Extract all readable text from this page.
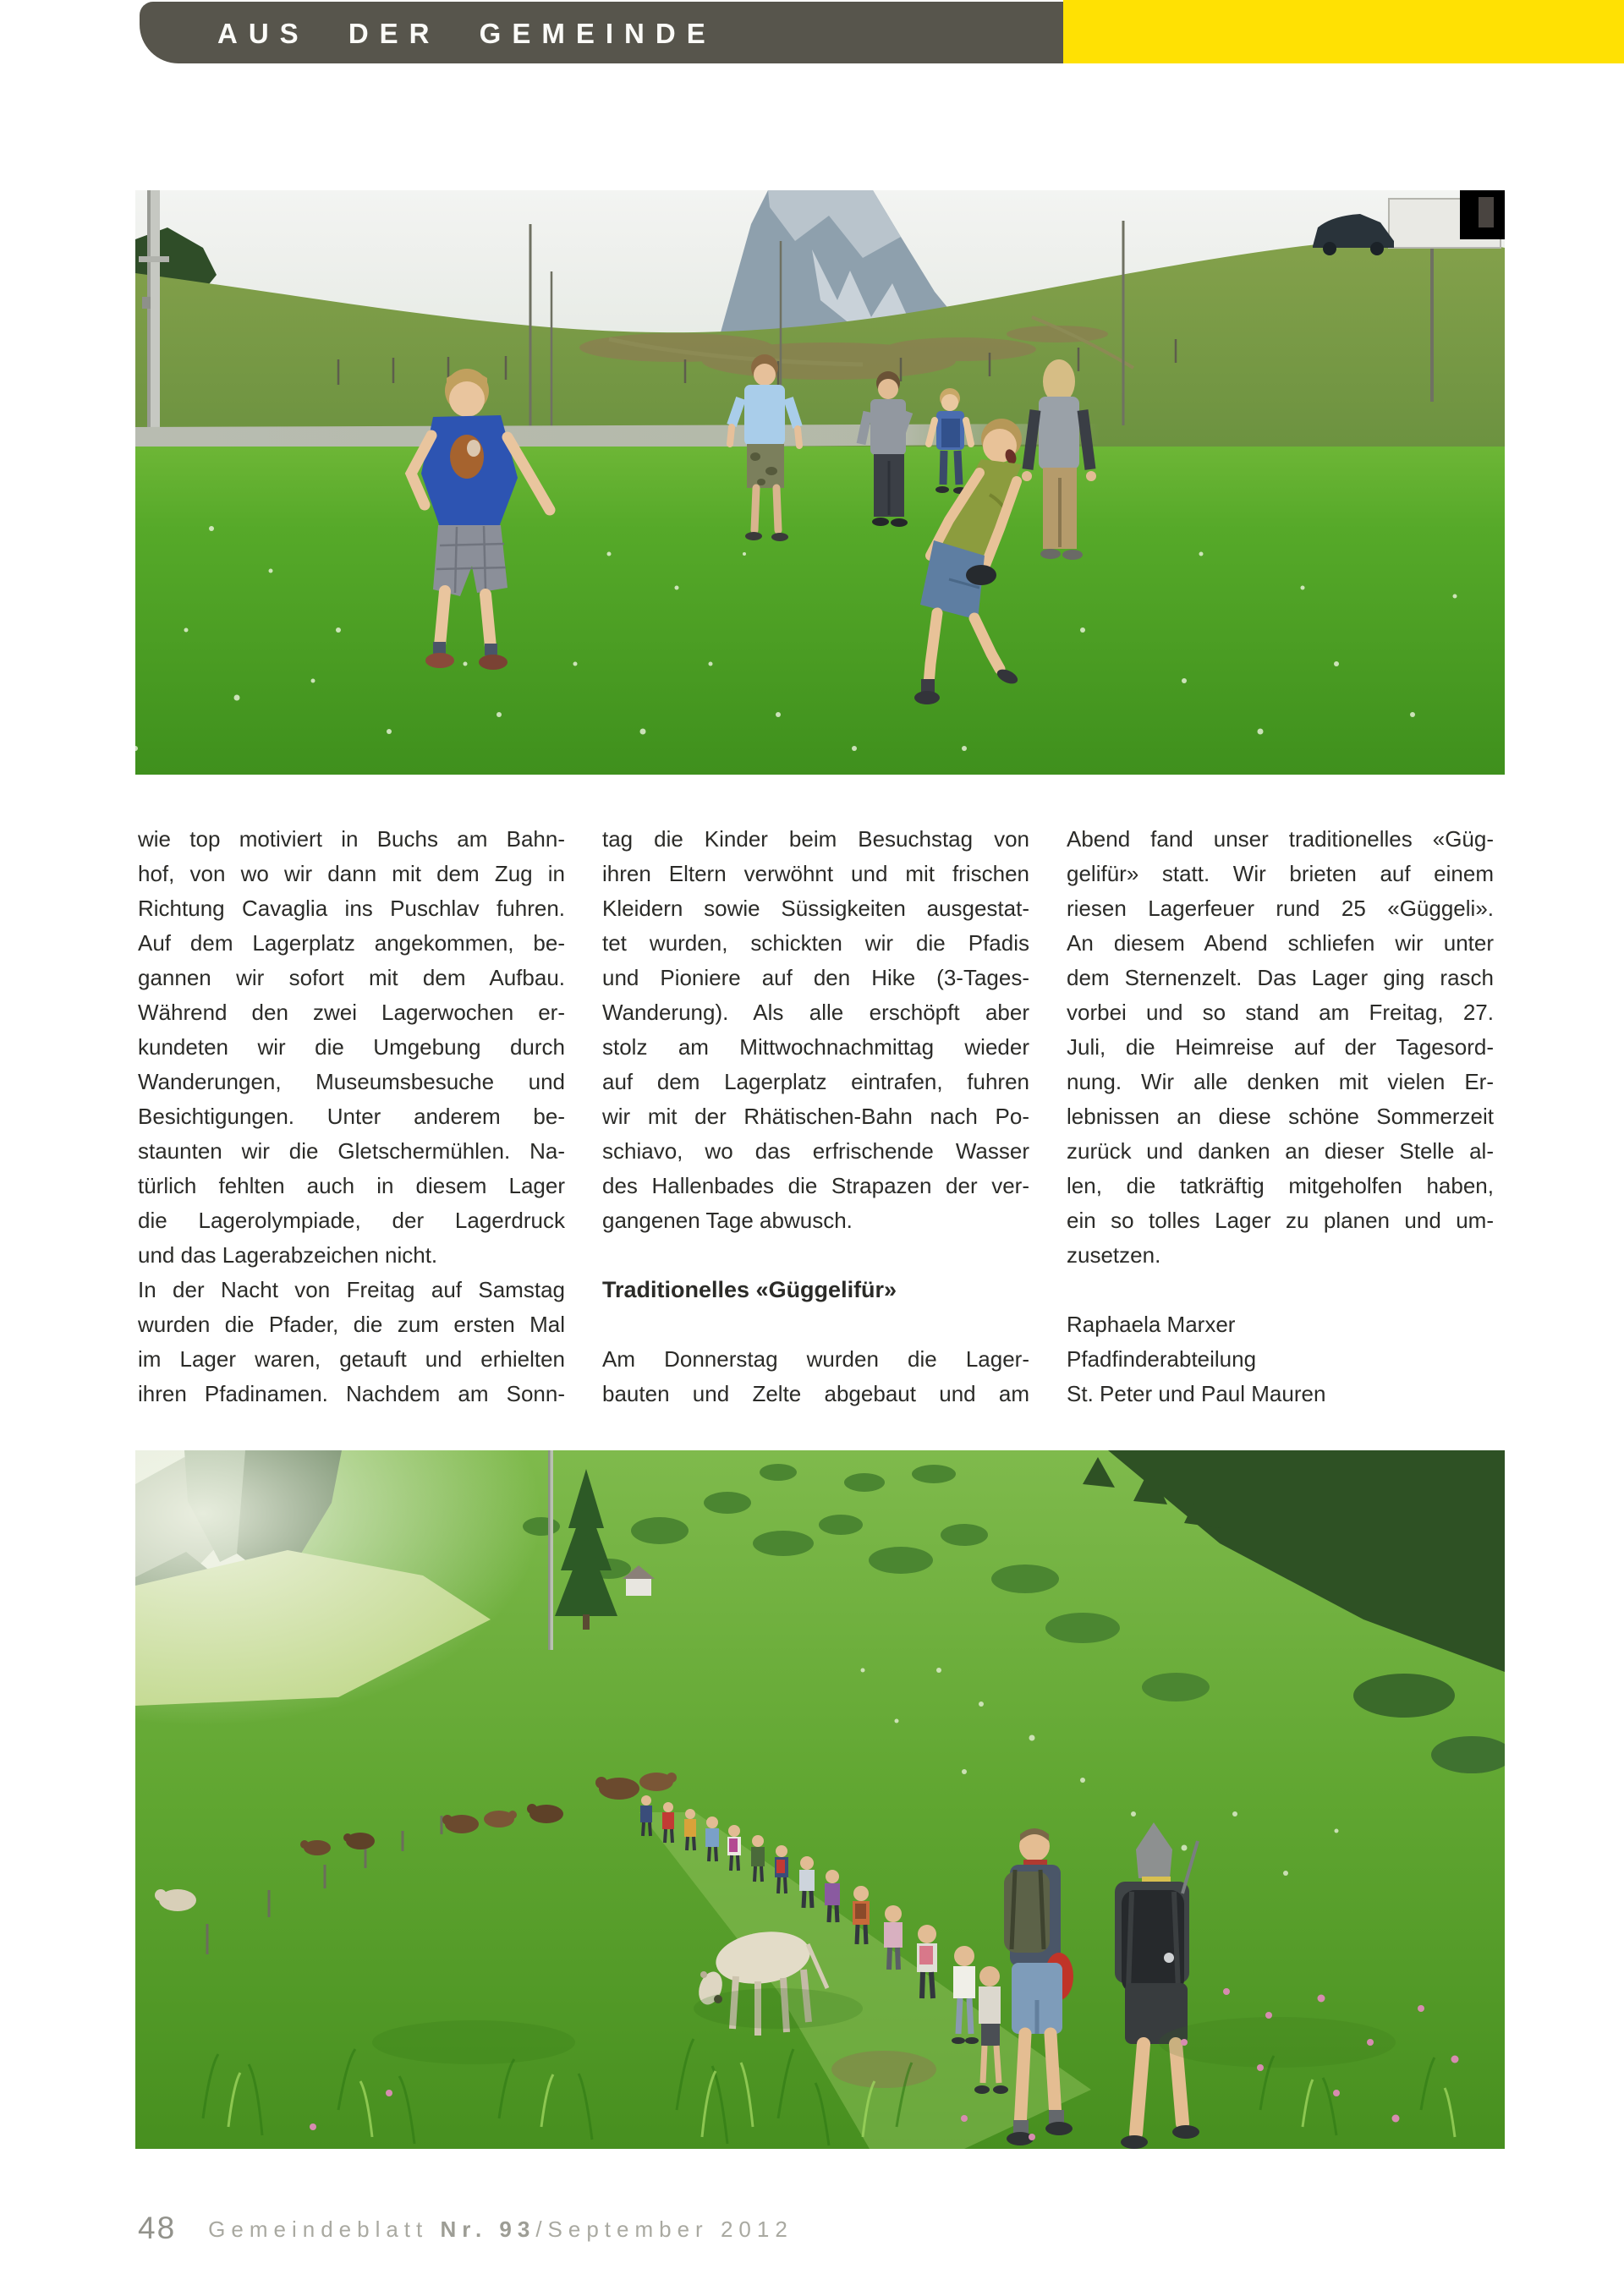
AUS DER GEMEINDE
wie top motiviert in Buchs am Bahn-
hof, von wo wir dann mit dem Zug in
Richtung Cavaglia ins Puschlav fuhren.
Auf dem Lagerplatz angekommen, be-
gannen wir sofort mit dem Aufbau.
Während den zwei Lagerwochen er-
kundeten wir die Umgebung durch
Wanderungen, Museumsbesuche und
Besichtigungen. Unter anderem be-
staunten wir die Gletschermühlen. Na-
türlich fehlten auch in diesem Lager
die Lagerolympiade, der Lagerdruck
und das Lagerabzeichen nicht.
In der Nacht von Freitag auf Samstag
wurden die Pfader, die zum ersten Mal
im Lager waren, getauft und erhielten
ihren Pfadinamen. Nachdem am Sonn-
tag die Kinder beim Besuchstag von
ihren Eltern verwöhnt und mit frischen
Kleidern sowie Süssigkeiten ausgestat-
tet wurden, schickten wir die Pfadis
und Pioniere auf den Hike (3-Tages-
Wanderung). Als alle erschöpft aber
stolz am Mittwochnachmittag wieder
auf dem Lagerplatz eintrafen, fuhren
wir mit der Rhätischen-Bahn nach Po-
schiavo, wo das erfrischende Wasser
des Hallenbades die Strapazen der ver-
gangenen Tage abwusch.
Traditionelles «Güggelifür»
Am Donnerstag wurden die Lager-
bauten und Zelte abgebaut und am
Abend fand unser traditionelles «Güg-
gelifür» statt. Wir brieten auf einem
riesen Lagerfeuer rund 25 «Güggeli».
An diesem Abend schliefen wir unter
dem Sternenzelt. Das Lager ging rasch
vorbei und so stand am Freitag, 27.
Juli, die Heimreise auf der Tagesord-
nung. Wir alle denken mit vielen Er-
lebnissen an diese schöne Sommerzeit
zurück und danken an dieser Stelle al-
len, die tatkräftig mitgeholfen haben,
ein so tolles Lager zu planen und um-
zusetzen.
Raphaela Marxer
Pfadfinderabteilung
St. Peter und Paul Mauren
48 Gemeindeblatt Nr. 93/September 2012
